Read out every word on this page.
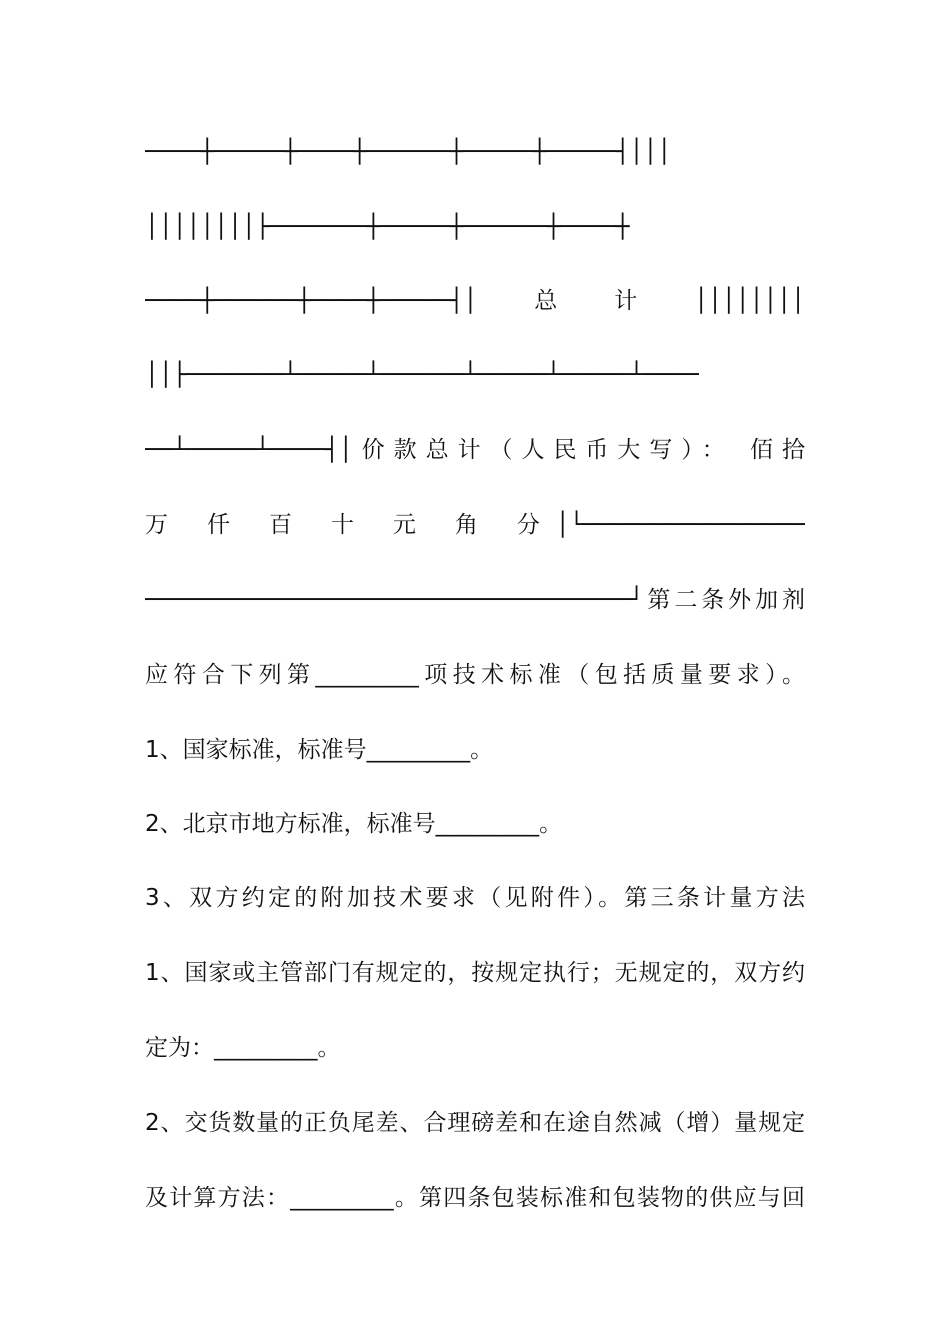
────┼─────┼────┼──────┼─────┼─────┤│││
││││││││├───────┼─────┼──────┼────┼
────┼──────┼────┼─────┤│总计││││││││
││├───────┴─────┴──────┴─────┴─────┴────
──┴─────┴────┤│价款总计（人民币大写）： 佰拾
万 仟 百 十 元 角 分│└────────────────
───────────────────────────────────┘第二条外加剂
应符合下列第_________项技术标准（包括质量要求）。
1、国家标准，标准号_________。
2、北京市地方标准，标准号_________。
3、双方约定的附加技术要求（见附件）。第三条计量方法
1、国家或主管部门有规定的，按规定执行；无规定的，双方约
定为：_________。
2、交货数量的正负尾差、合理磅差和在途自然减（增）量规定
及计算方法：_________。第四条包装标准和包装物的供应与回
